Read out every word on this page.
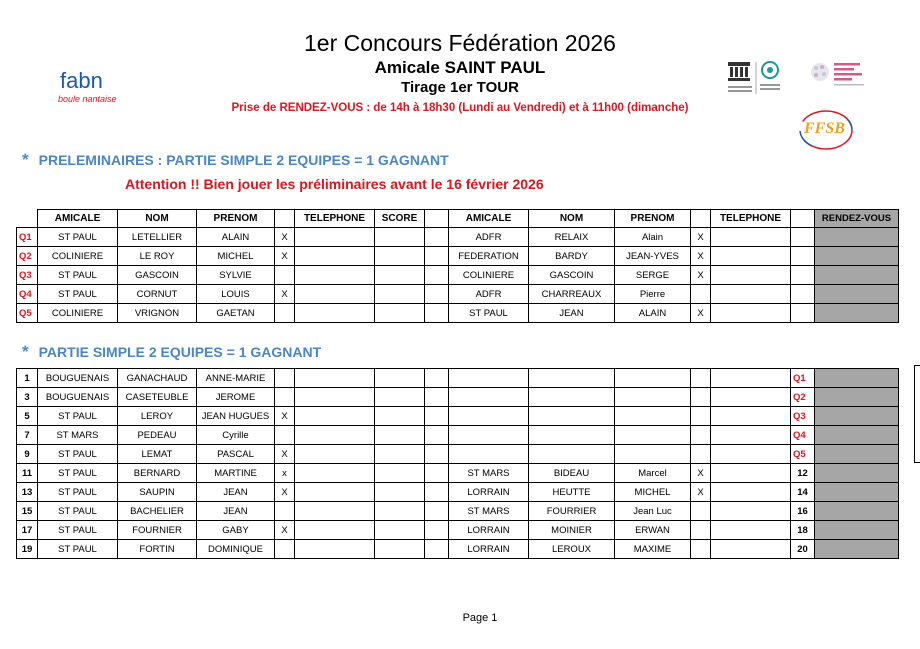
1er Concours Fédération 2026
Amicale SAINT PAUL
Tirage 1er TOUR
Prise de RENDEZ-VOUS : de 14h à 18h30 (Lundi au Vendredi) et à 11h00 (dimanche)
fabn
boule nantaise
FFSB
* PRELEMINAIRES : PARTIE SIMPLE 2 EQUIPES = 1 GAGNANT
Attention !! Bien jouer les préliminaires avant le 16 février 2026
	AMICALE	NOM	PRENOM		TELEPHONE	SCORE		AMICALE	NOM	PRENOM		TELEPHONE		RENDEZ-VOUS
Q1	ST PAUL	LETELLIER	ALAIN	X				ADFR	RELAIX	Alain	X			
Q2	COLINIERE	LE ROY	MICHEL	X				FEDERATION	BARDY	JEAN-YVES	X			
Q3	ST PAUL	GASCOIN	SYLVIE					COLINIERE	GASCOIN	SERGE	X			
Q4	ST PAUL	CORNUT	LOUIS	X				ADFR	CHARREAUX	Pierre				
Q5	COLINIERE	VRIGNON	GAETAN					ST PAUL	JEAN	ALAIN	X			
* PARTIE SIMPLE 2 EQUIPES = 1 GAGNANT
1	BOUGUENAIS	GANACHAUD	ANNE-MARIE										Q1	
3	BOUGUENAIS	CASETEUBLE	JEROME										Q2	
5	ST PAUL	LEROY	JEAN HUGUES	X									Q3	
7	ST MARS	PEDEAU	Cyrille										Q4	
9	ST PAUL	LEMAT	PASCAL	X									Q5	
11	ST PAUL	BERNARD	MARTINE	x				ST MARS	BIDEAU	Marcel	X		12	
13	ST PAUL	SAUPIN	JEAN	X				LORRAIN	HEUTTE	MICHEL	X		14	
15	ST PAUL	BACHELIER	JEAN					ST MARS	FOURRIER	Jean Luc			16	
17	ST PAUL	FOURNIER	GABY	X				LORRAIN	MOINIER	ERWAN			18	
19	ST PAUL	FORTIN	DOMINIQUE					LORRAIN	LEROUX	MAXIME			20	
Page 1
